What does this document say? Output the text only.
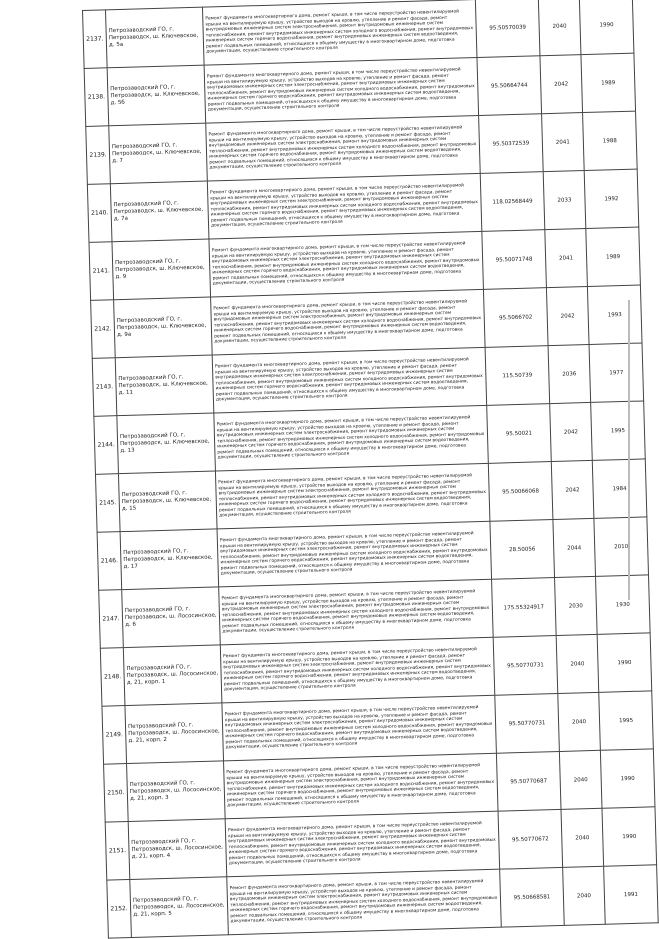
2137.	Петрозаводский ГО, г. Петрозаводск, ш. Ключевское, д. 5а	Ремонт фундамента многоквартирного дома, ремонт крыши, в том числе переустройство невентилируемой крыши на вентилируемую крышу, устройство выходов на кровлю, утепление и ремонт фасада, ремонт внутридомовых инженерных систем электроснабжения, ремонт внутридомовых инженерных систем теплоснабжения, ремонт внутридомовых инженерных систем холодного водоснабжения, ремонт внутридомовых инженерных систем горячего водоснабжения, ремонт внутридомовых инженерных систем водоотведения, ремонт подвальных помещений, относящихся к общему имуществу в многоквартирном доме, подготовка документации, осуществление строительного контроля	95.50570039	2040	1990
2138.	Петрозаводский ГО, г. Петрозаводск, ш. Ключевское, д. 5б	Ремонт фундамента многоквартирного дома, ремонт крыши, в том числе переустройство невентилируемой крыши на вентилируемую крышу, устройство выходов на кровлю, утепление и ремонт фасада, ремонт внутридомовых инженерных систем электроснабжения, ремонт внутридомовых инженерных систем теплоснабжения, ремонт внутридомовых инженерных систем холодного водоснабжения, ремонт внутридомовых инженерных систем горячего водоснабжения, ремонт внутридомовых инженерных систем водоотведения, ремонт подвальных помещений, относящихся к общему имуществу в многоквартирном доме, подготовка документации, осуществление строительного контроля	95.50664744	2042	1989
2139.	Петрозаводский ГО, г. Петрозаводск, ш. Ключевское, д. 7	Ремонт фундамента многоквартирного дома, ремонт крыши, в том числе переустройство невентилируемой крыши на вентилируемую крышу, устройство выходов на кровлю, утепление и ремонт фасада, ремонт внутридомовых инженерных систем электроснабжения, ремонт внутридомовых инженерных систем теплоснабжения, ремонт внутридомовых инженерных систем холодного водоснабжения, ремонт внутридомовых инженерных систем горячего водоснабжения, ремонт внутридомовых инженерных систем водоотведения, ремонт подвальных помещений, относящихся к общему имуществу в многоквартирном доме, подготовка документации, осуществление строительного контроля	95.50372539	2041	1988
2140.	Петрозаводский ГО, г. Петрозаводск, ш. Ключевское, д. 7а	Ремонт фундамента многоквартирного дома, ремонт крыши, в том числе переустройство невентилируемой крыши на вентилируемую крышу, устройство выходов на кровлю, утепление и ремонт фасада, ремонт внутридомовых инженерных систем электроснабжения, ремонт внутридомовых инженерных систем теплоснабжения, ремонт внутридомовых инженерных систем холодного водоснабжения, ремонт внутридомовых инженерных систем горячего водоснабжения, ремонт внутридомовых инженерных систем водоотведения, ремонт подвальных помещений, относящихся к общему имуществу в многоквартирном доме, подготовка документации, осуществление строительного контроля	118.02568449	2033	1992
2141.	Петрозаводский ГО, г. Петрозаводск, ш. Ключевское, д. 9	Ремонт фундамента многоквартирного дома, ремонт крыши, в том числе переустройство невентилируемой крыши на вентилируемую крышу, устройство выходов на кровлю, утепление и ремонт фасада, ремонт внутридомовых инженерных систем электроснабжения, ремонт внутридомовых инженерных систем теплоснабжения, ремонт внутридомовых инженерных систем холодного водоснабжения, ремонт внутридомовых инженерных систем горячего водоснабжения, ремонт внутридомовых инженерных систем водоотведения, ремонт подвальных помещений, относящихся к общему имуществу в многоквартирном доме, подготовка документации, осуществление строительного контроля	95.50071748	2041	1989
2142.	Петрозаводский ГО, г. Петрозаводск, ш. Ключевское, д. 9а	Ремонт фундамента многоквартирного дома, ремонт крыши, в том числе переустройство невентилируемой крыши на вентилируемую крышу, устройство выходов на кровлю, утепление и ремонт фасада, ремонт внутридомовых инженерных систем электроснабжения, ремонт внутридомовых инженерных систем теплоснабжения, ремонт внутридомовых инженерных систем холодного водоснабжения, ремонт внутридомовых инженерных систем горячего водоснабжения, ремонт внутридомовых инженерных систем водоотведения, ремонт подвальных помещений, относящихся к общему имуществу в многоквартирном доме, подготовка документации, осуществление строительного контроля	95.5066702	2042	1993
2143.	Петрозаводский ГО, г. Петрозаводск, ш. Ключевское, д. 11	Ремонт фундамента многоквартирного дома, ремонт крыши, в том числе переустройство невентилируемой крыши на вентилируемую крышу, устройство выходов на кровлю, утепление и ремонт фасада, ремонт внутридомовых инженерных систем электроснабжения, ремонт внутридомовых инженерных систем теплоснабжения, ремонт внутридомовых инженерных систем холодного водоснабжения, ремонт внутридомовых инженерных систем горячего водоснабжения, ремонт внутридомовых инженерных систем водоотведения, ремонт подвальных помещений, относящихся к общему имуществу в многоквартирном доме, подготовка документации, осуществление строительного контроля	115.50739	2036	1977
2144.	Петрозаводский ГО, г. Петрозаводск, ш. Ключевское, д. 13	Ремонт фундамента многоквартирного дома, ремонт крыши, в том числе переустройство невентилируемой крыши на вентилируемую крышу, устройство выходов на кровлю, утепление и ремонт фасада, ремонт внутридомовых инженерных систем электроснабжения, ремонт внутридомовых инженерных систем теплоснабжения, ремонт внутридомовых инженерных систем холодного водоснабжения, ремонт внутридомовых инженерных систем горячего водоснабжения, ремонт внутридомовых инженерных систем водоотведения, ремонт подвальных помещений, относящихся к общему имуществу в многоквартирном доме, подготовка документации, осуществление строительного контроля	95.50021	2042	1995
2145.	Петрозаводский ГО, г. Петрозаводск, ш. Ключевское, д. 15	Ремонт фундамента многоквартирного дома, ремонт крыши, в том числе переустройство невентилируемой крыши на вентилируемую крышу, устройство выходов на кровлю, утепление и ремонт фасада, ремонт внутридомовых инженерных систем электроснабжения, ремонт внутридомовых инженерных систем теплоснабжения, ремонт внутридомовых инженерных систем холодного водоснабжения, ремонт внутридомовых инженерных систем горячего водоснабжения, ремонт внутридомовых инженерных систем водоотведения, ремонт подвальных помещений, относящихся к общему имуществу в многоквартирном доме, подготовка документации, осуществление строительного контроля	95.50066068	2042	1984
2146.	Петрозаводский ГО, г. Петрозаводск, ш. Ключевское, д. 17	Ремонт фундамента многоквартирного дома, ремонт крыши, в том числе переустройство невентилируемой крыши на вентилируемую крышу, устройство выходов на кровлю, утепление и ремонт фасада, ремонт внутридомовых инженерных систем электроснабжения, ремонт внутридомовых инженерных систем теплоснабжения, ремонт внутридомовых инженерных систем холодного водоснабжения, ремонт внутридомовых инженерных систем горячего водоснабжения, ремонт внутридомовых инженерных систем водоотведения, ремонт подвальных помещений, относящихся к общему имуществу в многоквартирном доме, подготовка документации, осуществление строительного контроля	28.50056	2044	2010
2147.	Петрозаводский ГО, г. Петрозаводск, ш. Лососинское, д. 6	Ремонт фундамента многоквартирного дома, ремонт крыши, в том числе переустройство невентилируемой крыши на вентилируемую крышу, устройство выходов на кровлю, утепление и ремонт фасада, ремонт внутридомовых инженерных систем электроснабжения, ремонт внутридомовых инженерных систем теплоснабжения, ремонт внутридомовых инженерных систем холодного водоснабжения, ремонт внутридомовых инженерных систем горячего водоснабжения, ремонт внутридомовых инженерных систем водоотведения, ремонт подвальных помещений, относящихся к общему имуществу в многоквартирном доме, подготовка документации, осуществление строительного контроля	175.55324917	2030	1930
2148.	Петрозаводский ГО, г. Петрозаводск, ш. Лососинское, д. 21, корп. 1	Ремонт фундамента многоквартирного дома, ремонт крыши, в том числе переустройство невентилируемой крыши на вентилируемую крышу, устройство выходов на кровлю, утепление и ремонт фасада, ремонт внутридомовых инженерных систем электроснабжения, ремонт внутридомовых инженерных систем теплоснабжения, ремонт внутридомовых инженерных систем холодного водоснабжения, ремонт внутридомовых инженерных систем горячего водоснабжения, ремонт внутридомовых инженерных систем водоотведения, ремонт подвальных помещений, относящихся к общему имуществу в многоквартирном доме, подготовка документации, осуществление строительного контроля	95.50770731	2040	1990
2149.	Петрозаводский ГО, г. Петрозаводск, ш. Лососинское, д. 21, корп. 2	Ремонт фундамента многоквартирного дома, ремонт крыши, в том числе переустройство невентилируемой крыши на вентилируемую крышу, устройство выходов на кровлю, утепление и ремонт фасада, ремонт внутридомовых инженерных систем электроснабжения, ремонт внутридомовых инженерных систем теплоснабжения, ремонт внутридомовых инженерных систем холодного водоснабжения, ремонт внутридомовых инженерных систем горячего водоснабжения, ремонт внутридомовых инженерных систем водоотведения, ремонт подвальных помещений, относящихся к общему имуществу в многоквартирном доме, подготовка документации, осуществление строительного контроля	95.50770731	2040	1995
2150.	Петрозаводский ГО, г. Петрозаводск, ш. Лососинское, д. 21, корп. 3	Ремонт фундамента многоквартирного дома, ремонт крыши, в том числе переустройство невентилируемой крыши на вентилируемую крышу, устройство выходов на кровлю, утепление и ремонт фасада, ремонт внутридомовых инженерных систем электроснабжения, ремонт внутридомовых инженерных систем теплоснабжения, ремонт внутридомовых инженерных систем холодного водоснабжения, ремонт внутридомовых инженерных систем горячего водоснабжения, ремонт внутридомовых инженерных систем водоотведения, ремонт подвальных помещений, относящихся к общему имуществу в многоквартирном доме, подготовка документации, осуществление строительного контроля	95.50770687	2040	1990
2151.	Петрозаводский ГО, г. Петрозаводск, ш. Лососинское, д. 21, корп. 4	Ремонт фундамента многоквартирного дома, ремонт крыши, в том числе переустройство невентилируемой крыши на вентилируемую крышу, устройство выходов на кровлю, утепление и ремонт фасада, ремонт внутридомовых инженерных систем электроснабжения, ремонт внутридомовых инженерных систем теплоснабжения, ремонт внутридомовых инженерных систем холодного водоснабжения, ремонт внутридомовых инженерных систем горячего водоснабжения, ремонт внутридомовых инженерных систем водоотведения, ремонт подвальных помещений, относящихся к общему имуществу в многоквартирном доме, подготовка документации, осуществление строительного контроля	95.50770672	2040	1990
2152.	Петрозаводский ГО, г. Петрозаводск, ш. Лососинское, д. 21, корп. 5	Ремонт фундамента многоквартирного дома, ремонт крыши, в том числе переустройство невентилируемой крыши на вентилируемую крышу, устройство выходов на кровлю, утепление и ремонт фасада, ремонт внутридомовых инженерных систем электроснабжения, ремонт внутридомовых инженерных систем теплоснабжения, ремонт внутридомовых инженерных систем холодного водоснабжения, ремонт внутридомовых инженерных систем горячего водоснабжения, ремонт внутридомовых инженерных систем водоотведения, ремонт подвальных помещений, относящихся к общему имуществу в многоквартирном доме, подготовка документации, осуществление строительного контроля	95.50668581	2040	1991
